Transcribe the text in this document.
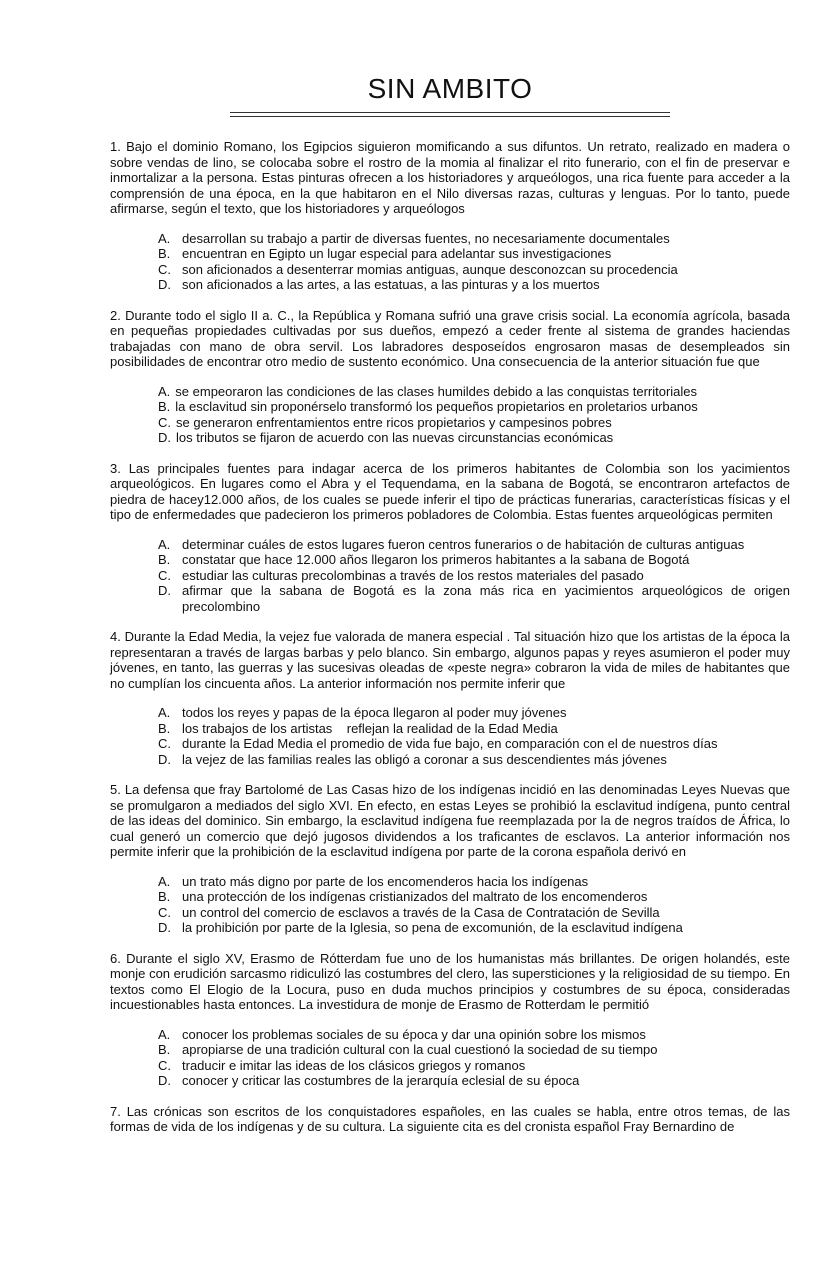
SIN AMBITO

1. Bajo el dominio Romano, los Egipcios siguieron momificando a sus difuntos. Un retrato, realizado en madera o sobre vendas de lino, se colocaba sobre el rostro de la momia al finalizar el rito funerario, con el fin de preservar e inmortalizar a la persona. Estas pinturas ofrecen a los historiadores y arqueólogos, una rica fuente para acceder a la comprensión de una época, en la que habitaron en el Nilo diversas razas, culturas y lenguas. Por lo tanto, puede afirmarse, según el texto, que los historiadores y arqueólogos

A. desarrollan su trabajo a partir de diversas fuentes, no necesariamente documentales
B. encuentran en Egipto un lugar especial para adelantar sus investigaciones
C. son aficionados a desenterrar momias antiguas, aunque desconozcan su procedencia
D. son aficionados a las artes, a las estatuas, a las pinturas y a los muertos

2. Durante todo el siglo II a. C., la República y Romana sufrió una grave crisis social. La economía agrícola, basada en pequeñas propiedades cultivadas por sus dueños, empezó a ceder frente al sistema de grandes haciendas trabajadas con mano de obra servil. Los labradores desposeídos engrosaron masas de desempleados sin posibilidades de encontrar otro medio de sustento económico. Una consecuencia de la anterior situación fue que

A. se empeoraron las condiciones de las clases humildes debido a las conquistas territoriales
B. la esclavitud sin proponérselo transformó los pequeños propietarios en proletarios urbanos
C. se generaron enfrentamientos entre ricos propietarios y campesinos pobres
D. los tributos se fijaron de acuerdo con las nuevas circunstancias económicas

3. Las principales fuentes para indagar acerca de los primeros habitantes de Colombia son los yacimientos arqueológicos. En lugares como el Abra y el Tequendama, en la sabana de Bogotá, se encontraron artefactos de piedra de hacey12.000 años, de los cuales se puede inferir el tipo de prácticas funerarias, características físicas y el tipo de enfermedades que padecieron los primeros pobladores de Colombia. Estas fuentes arqueológicas permiten

A. determinar cuáles de estos lugares fueron centros funerarios o de habitación de culturas antiguas
B. constatar que hace 12.000 años llegaron los primeros habitantes a la sabana de Bogotá
C. estudiar las culturas precolombinas a través de los restos materiales del pasado
D. afirmar que la sabana de Bogotá es la zona más rica en yacimientos arqueológicos de origen precolombino

4. Durante la Edad Media, la vejez fue valorada de manera especial . Tal situación hizo que los artistas de la época la representaran a través de largas barbas y pelo blanco. Sin embargo, algunos papas y reyes asumieron el poder muy jóvenes, en tanto, las guerras y las sucesivas oleadas de «peste negra» cobraron la vida de miles de habitantes que no cumplían los cincuenta años. La anterior información nos permite inferir que

A. todos los reyes y papas de la época llegaron al poder muy jóvenes
B. los trabajos de los artistas    reflejan la realidad de la Edad Media
C. durante la Edad Media el promedio de vida fue bajo, en comparación con el de nuestros días
D. la vejez de las familias reales las obligó a coronar a sus descendientes más jóvenes

5. La defensa que fray Bartolomé de Las Casas hizo de los indígenas incidió en las denominadas Leyes Nuevas que se promulgaron a mediados del siglo XVI. En efecto, en estas Leyes se prohibió la esclavitud indígena, punto central de las ideas del dominico. Sin embargo, la esclavitud indígena fue reemplazada por la de negros traídos de África, lo cual generó un comercio que dejó jugosos dividendos a los traficantes de esclavos. La anterior información nos permite inferir que la prohibición de la esclavitud indígena por parte de la corona española derivó en

A. un trato más digno por parte de los encomenderos hacia los indígenas
B. una protección de los indígenas cristianizados del maltrato de los encomenderos
C. un control del comercio de esclavos a través de la Casa de Contratación de Sevilla
D. la prohibición por parte de la Iglesia, so pena de excomunión, de la esclavitud indígena

6. Durante el siglo XV, Erasmo de Rótterdam fue uno de los humanistas más brillantes. De origen holandés, este monje con erudición sarcasmo ridiculizó las costumbres del clero, las supersticiones y la religiosidad de su tiempo. En textos como El Elogio de la Locura, puso en duda muchos principios y costumbres de su época, consideradas incuestionables hasta entonces. La investidura de monje de Erasmo de Rotterdam le permitió

A. conocer los problemas sociales de su época y dar una opinión sobre los mismos
B. apropiarse de una tradición cultural con la cual cuestionó la sociedad de su tiempo
C. traducir e imitar las ideas de los clásicos griegos y romanos
D. conocer y criticar las costumbres de la jerarquía eclesial de su época

7. Las crónicas son escritos de los conquistadores españoles, en las cuales se habla, entre otros temas, de las formas de vida de los indígenas y de su cultura. La siguiente cita es del cronista español Fray Bernardino de
